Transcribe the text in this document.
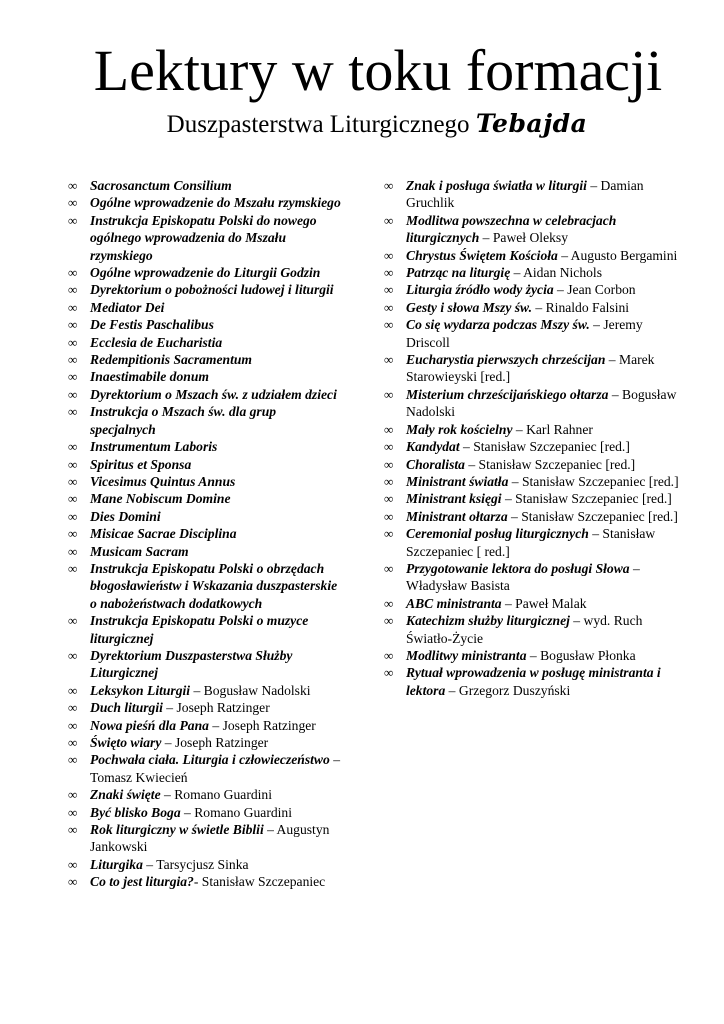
Lektury w toku formacji
Duszpasterstwa Liturgicznego Tebajda
∞ Sacrosanctum Consilium
∞ Ogólne wprowadzenie do Mszału rzymskiego
∞ Instrukcja Episkopatu Polski do nowego ogólnego wprowadzenia do Mszału rzymskiego
∞ Ogólne wprowadzenie do Liturgii Godzin
∞ Dyrektorium o pobożności ludowej i liturgii
∞ Mediator Dei
∞ De Festis Paschalibus
∞ Ecclesia de Eucharistia
∞ Redempitionis Sacramentum
∞ Inaestimabile donum
∞ Dyrektorium o Mszach św. z udziałem dzieci
∞ Instrukcja o Mszach św. dla grup specjalnych
∞ Instrumentum Laboris
∞ Spiritus et Sponsa
∞ Vicesimus Quintus Annus
∞ Mane Nobiscum Domine
∞ Dies Domini
∞ Misicae Sacrae Disciplina
∞ Musicam Sacram
∞ Instrukcja Episkopatu Polski o obrzędach błogosławieństw i Wskazania duszpasterskie o nabożeństwach dodatkowych
∞ Instrukcja Episkopatu Polski o muzyce liturgicznej
∞ Dyrektorium Duszpasterstwa Służby Liturgicznej
∞ Leksykon Liturgii – Bogusław Nadolski
∞ Duch liturgii – Joseph Ratzinger
∞ Nowa pieśń dla Pana – Joseph Ratzinger
∞ Święto wiary – Joseph Ratzinger
∞ Pochwała ciała. Liturgia i człowieczeństwo – Tomasz Kwiecień
∞ Znaki święte – Romano Guardini
∞ Być blisko Boga – Romano Guardini
∞ Rok liturgiczny w świetle Biblii – Augustyn Jankowski
∞ Liturgika – Tarsycjusz Sinka
∞ Co to jest liturgia?- Stanisław Szczepaniec
∞ Znak i posługa światła w liturgii – Damian Gruchlik
∞ Modlitwa powszechna w celebracjach liturgicznych – Paweł Oleksy
∞ Chrystus Świętem Kościoła – Augusto Bergamini
∞ Patrząc na liturgię – Aidan Nichols
∞ Liturgia źródło wody życia – Jean Corbon
∞ Gesty i słowa Mszy św. – Rinaldo Falsini
∞ Co się wydarza podczas Mszy św. – Jeremy Driscoll
∞ Eucharystia pierwszych chrześcijan – Marek Starowieyski [red.]
∞ Misterium chrześcijańskiego ołtarza – Bogusław Nadolski
∞ Mały rok kościelny – Karl Rahner
∞ Kandydat – Stanisław Szczepaniec [red.]
∞ Choralista – Stanisław Szczepaniec [red.]
∞ Ministrant światła – Stanisław Szczepaniec [red.]
∞ Ministrant księgi – Stanisław Szczepaniec [red.]
∞ Ministrant ołtarza – Stanisław Szczepaniec [red.]
∞ Ceremonial posług liturgicznych – Stanisław Szczepaniec [ red.]
∞ Przygotowanie lektora do posługi Słowa – Władysław Basista
∞ ABC ministranta – Paweł Malak
∞ Katechizm służby liturgicznej – wyd. Ruch Światło-Życie
∞ Modlitwy ministranta – Bogusław Płonka
∞ Rytuał wprowadzenia w posługę ministranta i lektora – Grzegorz Duszyński
